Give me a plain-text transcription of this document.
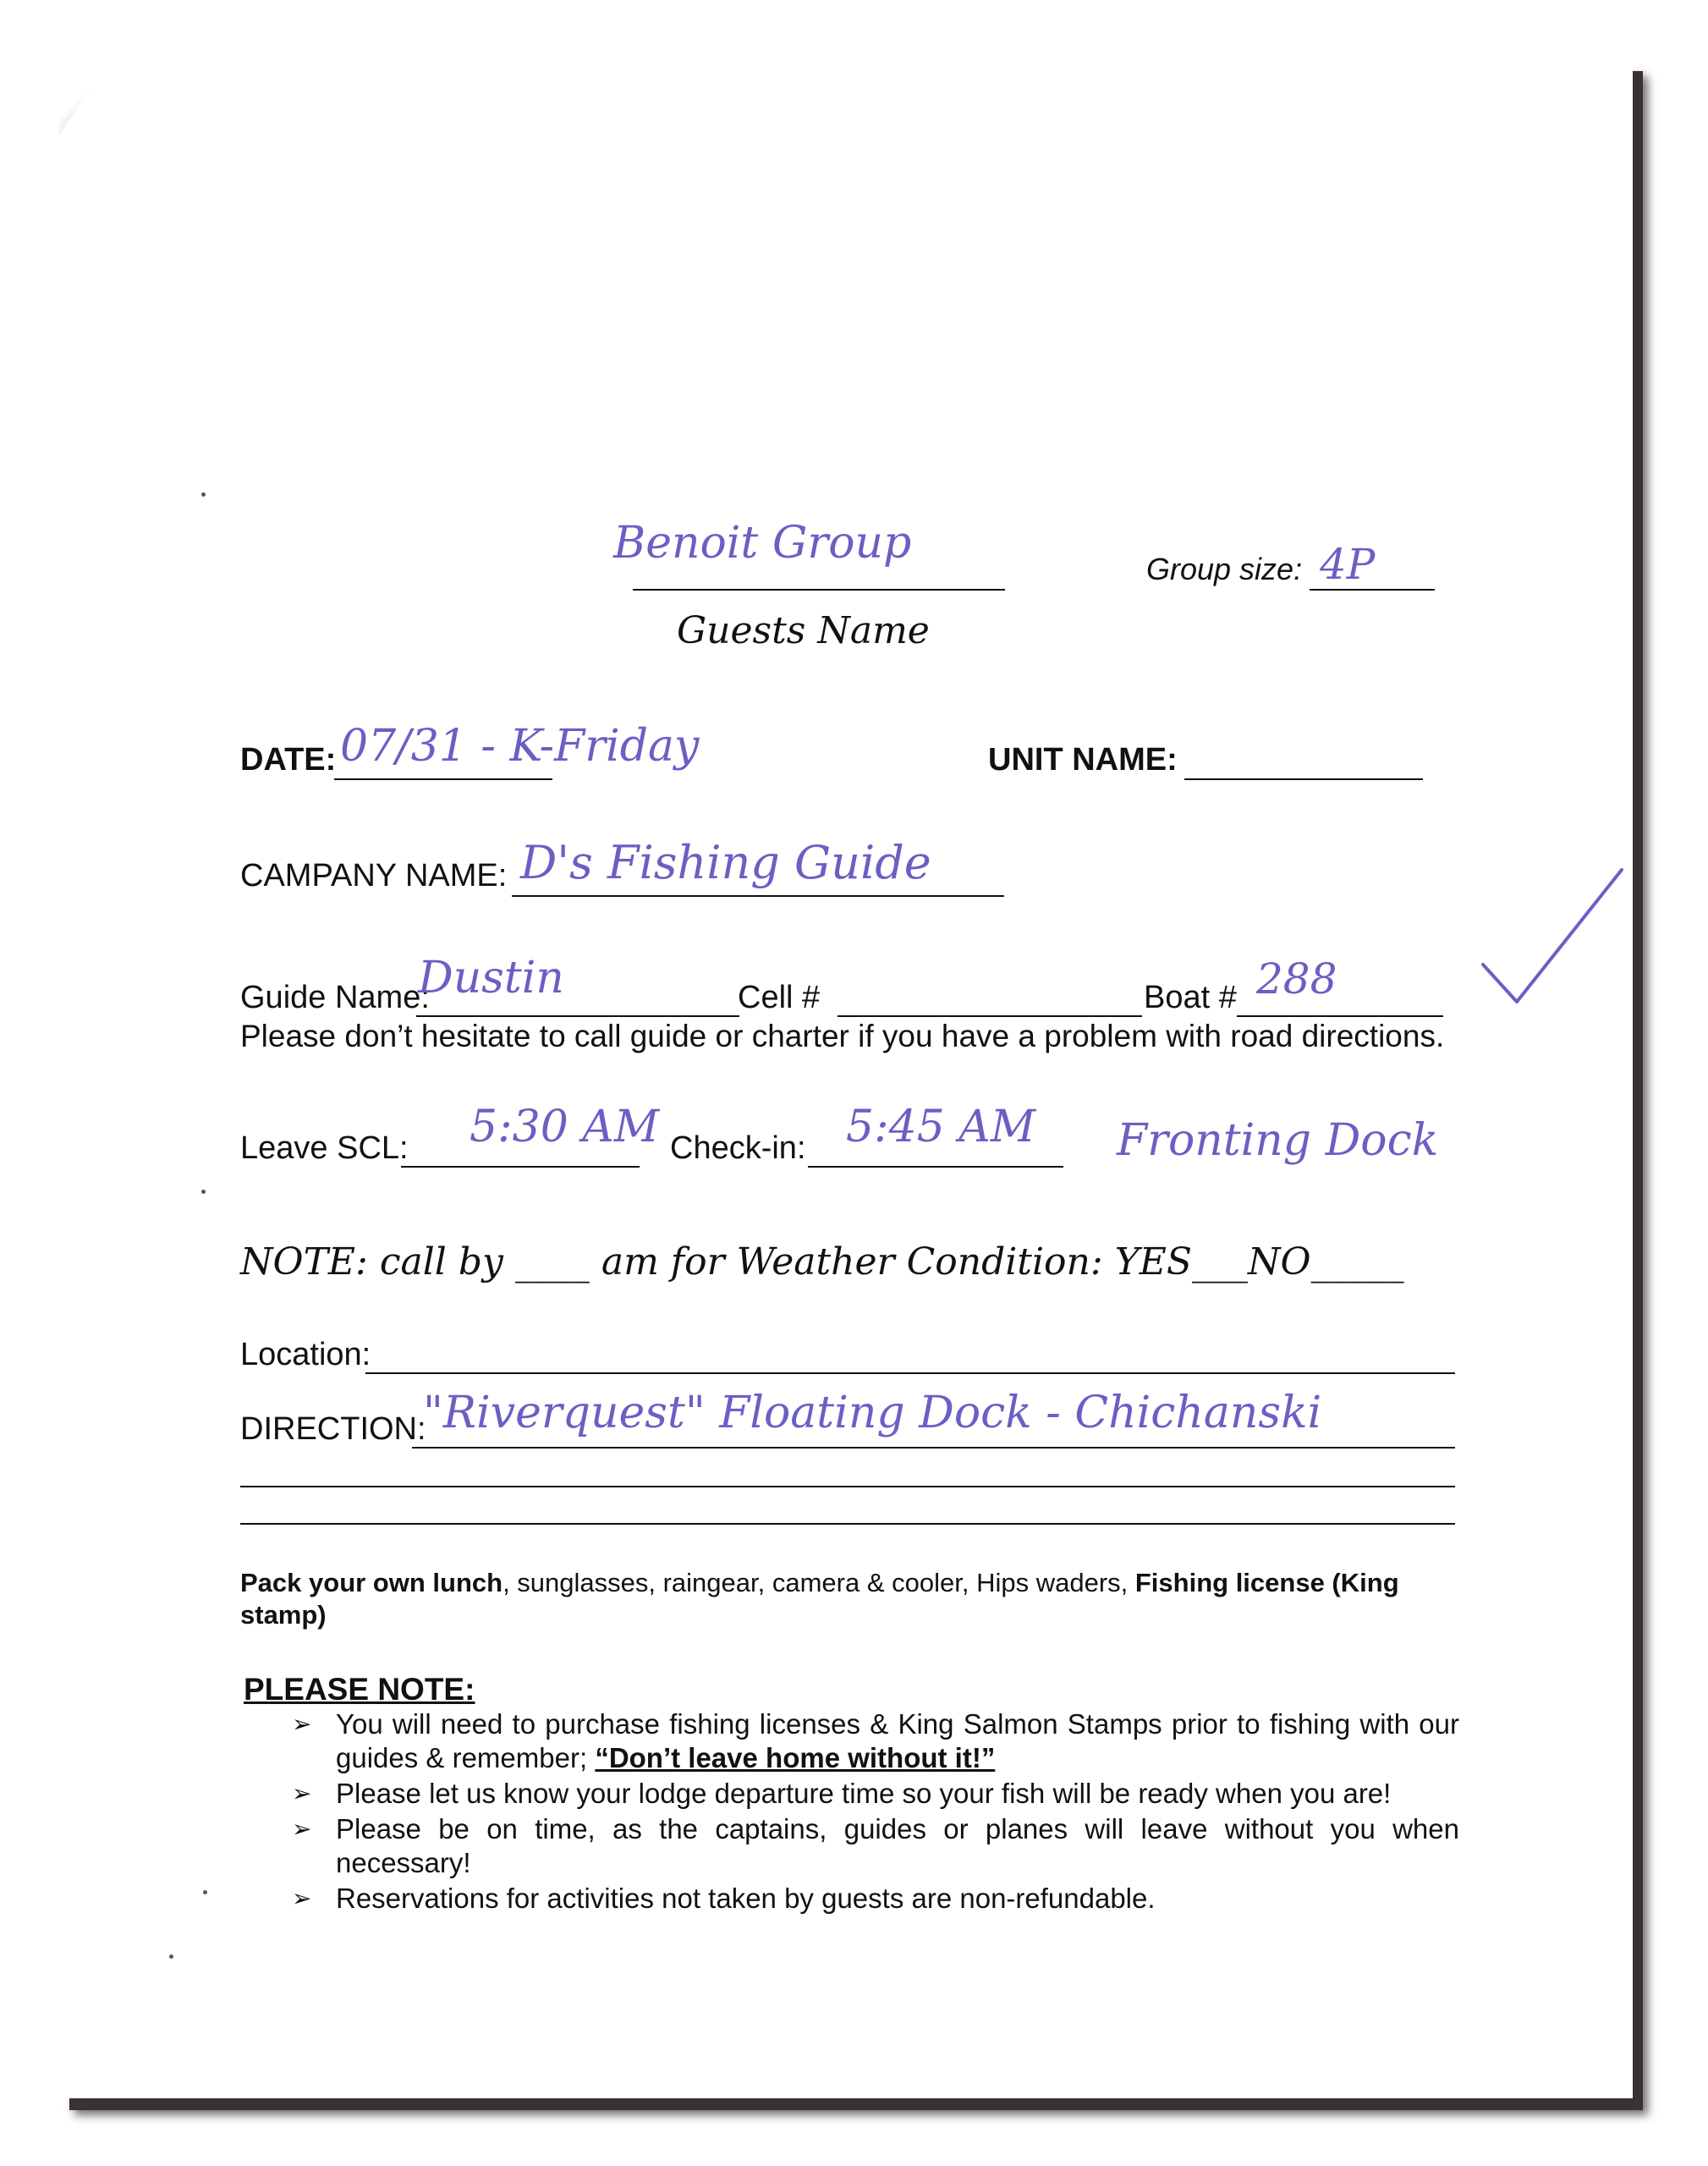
Benoit Group
Guests Name
Group size: 4P
DATE: 07/31 - K-Friday	UNIT NAME:
CAMPANY NAME: D's Fishing Guide
Guide Name:
Dustin	Cell #	Boat # 288
Please don’t hesitate to call guide or charter if you have a problem with road directions.
Leave SCL: 5:30 AM Check-in: 5:45 AM Fronting Dock
NOTE: call by ____ am for Weather Condition: YES___NO_____
Location:
DIRECTION:
"Riverquest" Floating Dock - Chichanski
Pack your own lunch, sunglasses, raingear, camera & cooler, Hips waders, Fishing license (King stamp)
PLEASE NOTE:
➢ You will need to purchase fishing licenses & King Salmon Stamps prior to fishing with our guides & remember; “Don’t leave home without it!”
➢ Please let us know your lodge departure time so your fish will be ready when you are!
➢ Please be on time, as the captains, guides or planes will leave without you when necessary!
➢ Reservations for activities not taken by guests are non-refundable.
